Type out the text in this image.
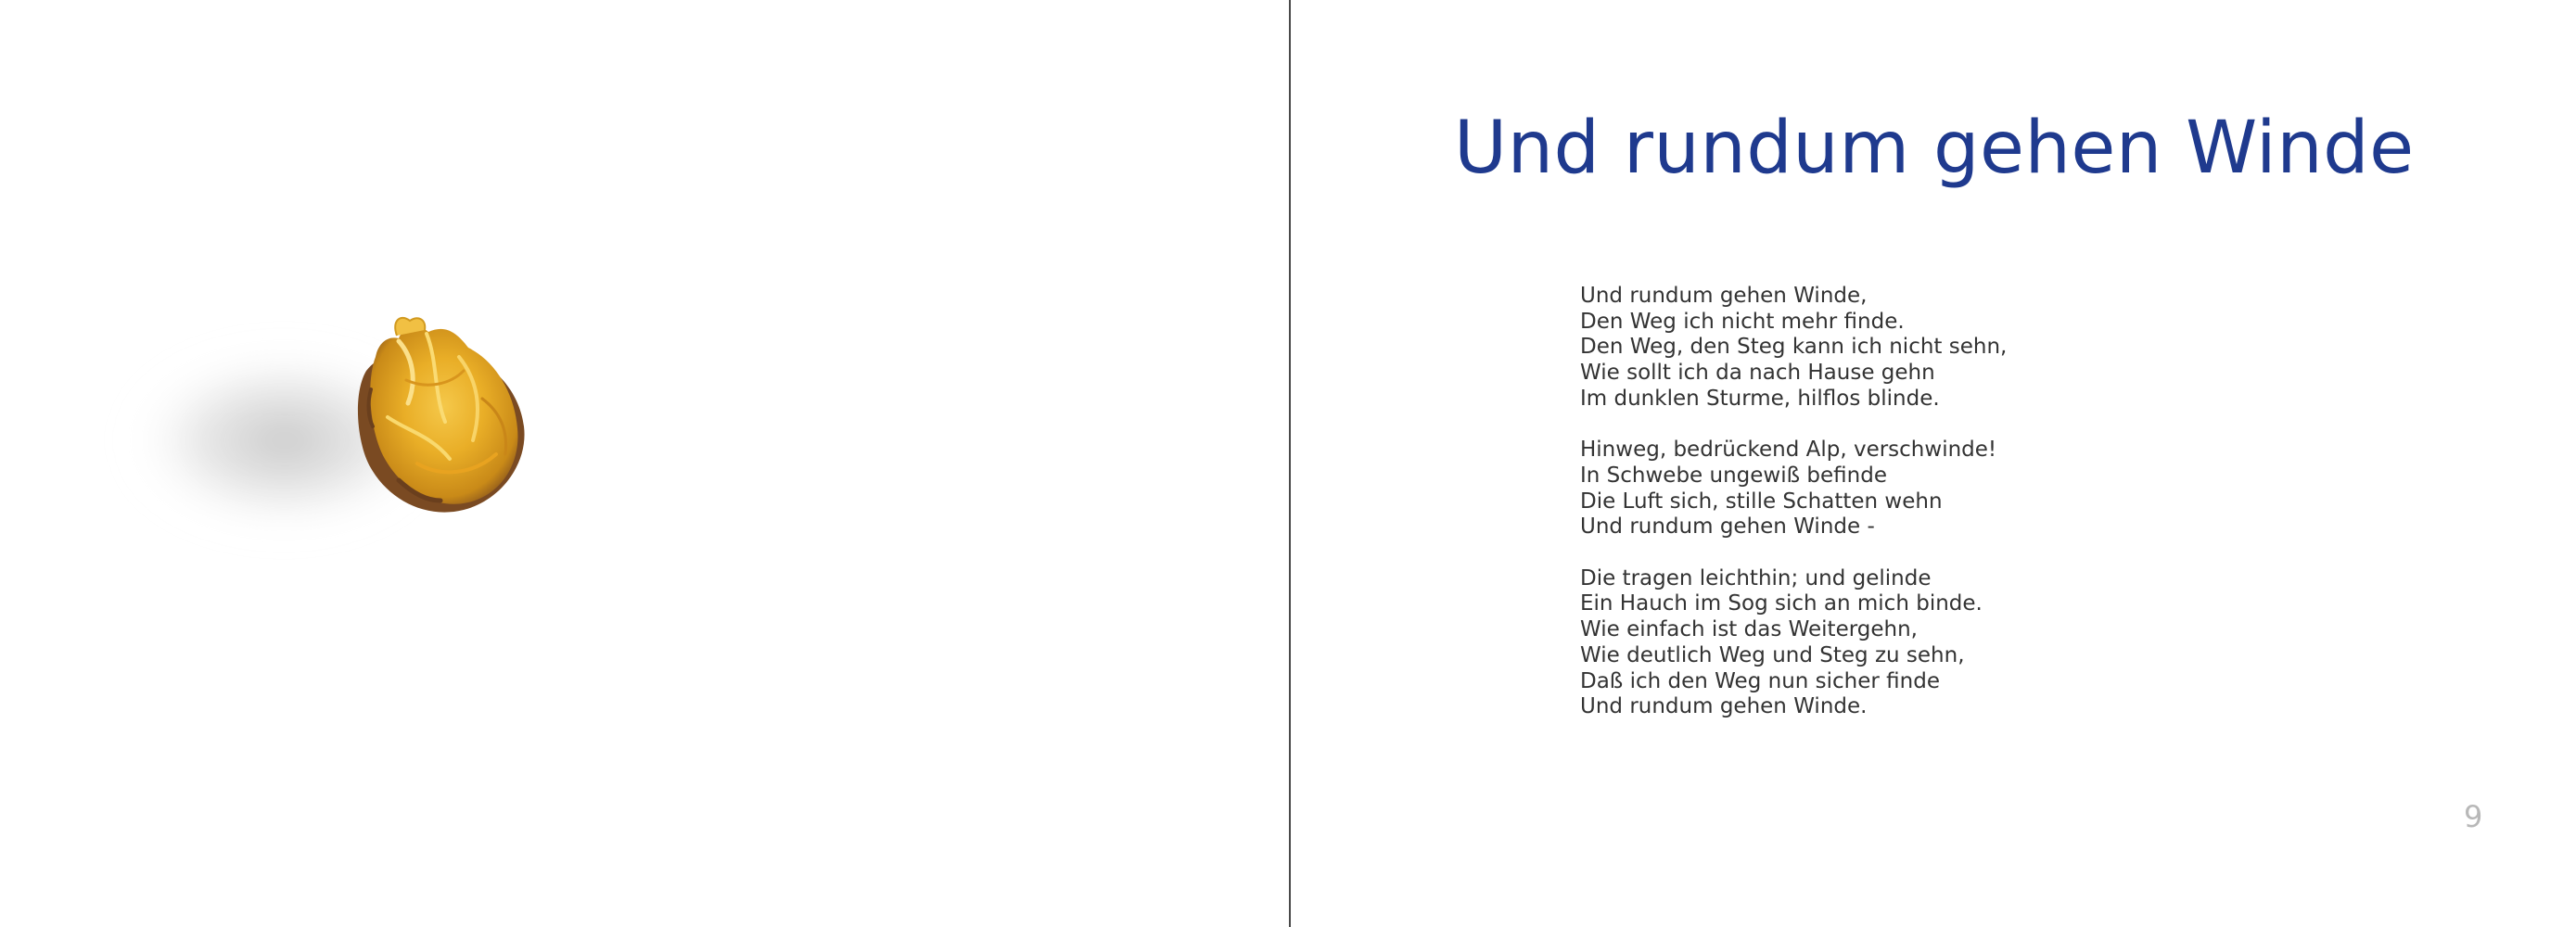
Und rundum gehen Winde
Und rundum gehen Winde,
Den Weg ich nicht mehr finde.
Den Weg, den Steg kann ich nicht sehn,
Wie sollt ich da nach Hause gehn
Im dunklen Sturme, hilflos blinde.
Hinweg, bedrückend Alp, verschwinde!
In Schwebe ungewiß befinde
Die Luft sich, stille Schatten wehn
Und rundum gehen Winde -
Die tragen leichthin; und gelinde
Ein Hauch im Sog sich an mich binde.
Wie einfach ist das Weitergehn,
Wie deutlich Weg und Steg zu sehn,
Daß ich den Weg nun sicher finde
Und rundum gehen Winde.
9
